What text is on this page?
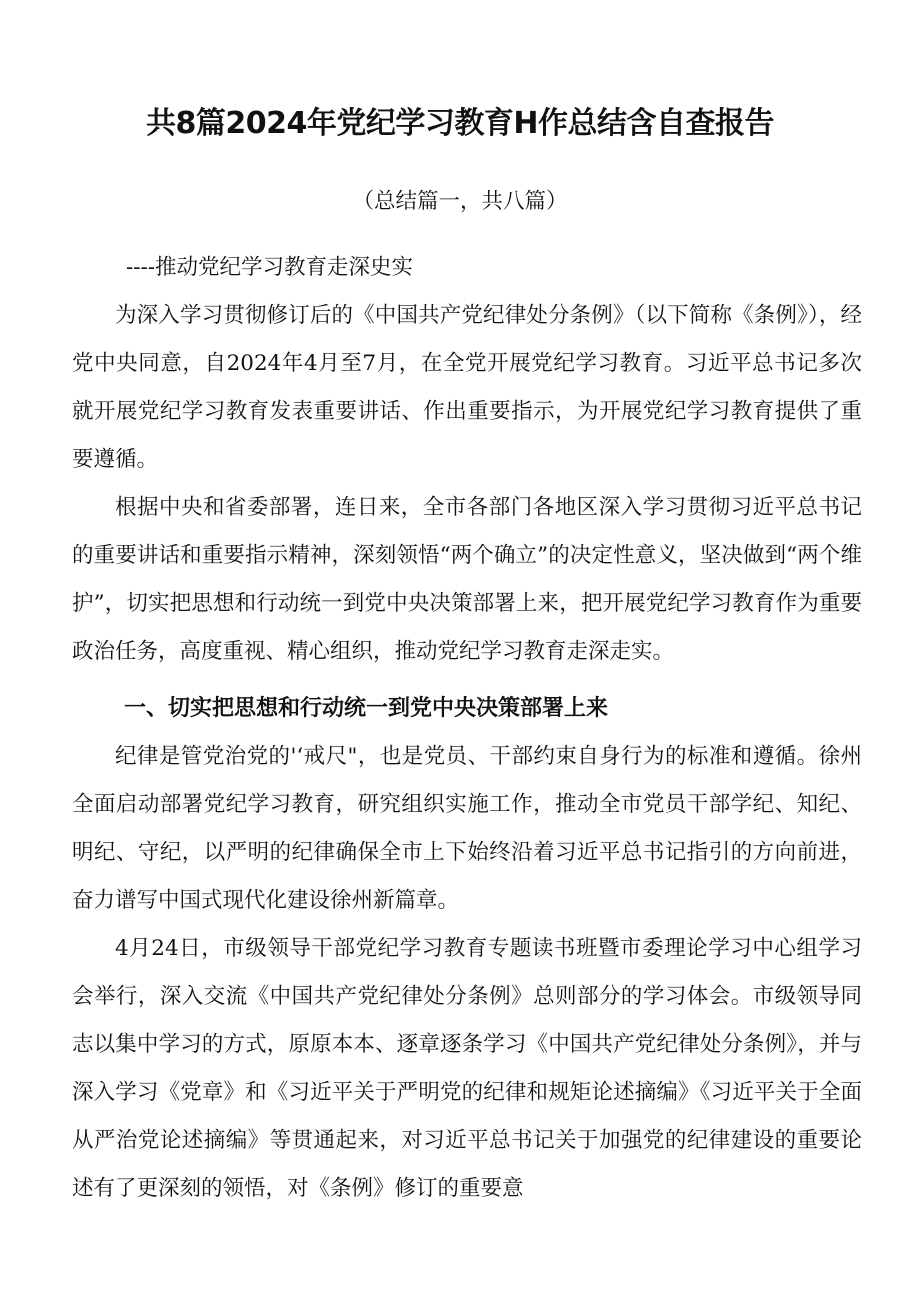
共8篇2024年党纪学习教育H作总结含自查报告
（总结篇一，共八篇）
----推动党纪学习教育走深史实

为深入学习贯彻修订后的《中国共产党纪律处分条例》（以下简称《条例》），经党中央同意，自2024年4月至7月，在全党开展党纪学习教育。习近平总书记多次就开展党纪学习教育发表重要讲话、作出重要指示，为开展党纪学习教育提供了重要遵循。

根据中央和省委部署，连日来，全市各部门各地区深入学习贯彻习近平总书记的重要讲话和重要指示精神，深刻领悟“两个确立”的决定性意义，坚决做到“两个维护”，切实把思想和行动统一到党中央决策部署上来，把开展党纪学习教育作为重要政治任务，高度重视、精心组织，推动党纪学习教育走深走实。

一、切实把思想和行动统一到党中央决策部署上来

纪律是管党治党的'‘戒尺"，也是党员、干部约束自身行为的标准和遵循。徐州全面启动部署党纪学习教育，研究组织实施工作，推动全市党员干部学纪、知纪、明纪、守纪，以严明的纪律确保全市上下始终沿着习近平总书记指引的方向前进，奋力谱写中国式现代化建设徐州新篇章。

4月24日，市级领导干部党纪学习教育专题读书班暨市委理论学习中心组学习会举行，深入交流《中国共产党纪律处分条例》总则部分的学习体会。市级领导同志以集中学习的方式，原原本本、逐章逐条学习《中国共产党纪律处分条例》，并与深入学习《党章》和《习近平关于严明党的纪律和规矩论述摘编》《习近平关于全面从严治党论述摘编》等贯通起来，对习近平总书记关于加强党的纪律建设的重要论述有了更深刻的领悟，对《条例》修订的重要意
